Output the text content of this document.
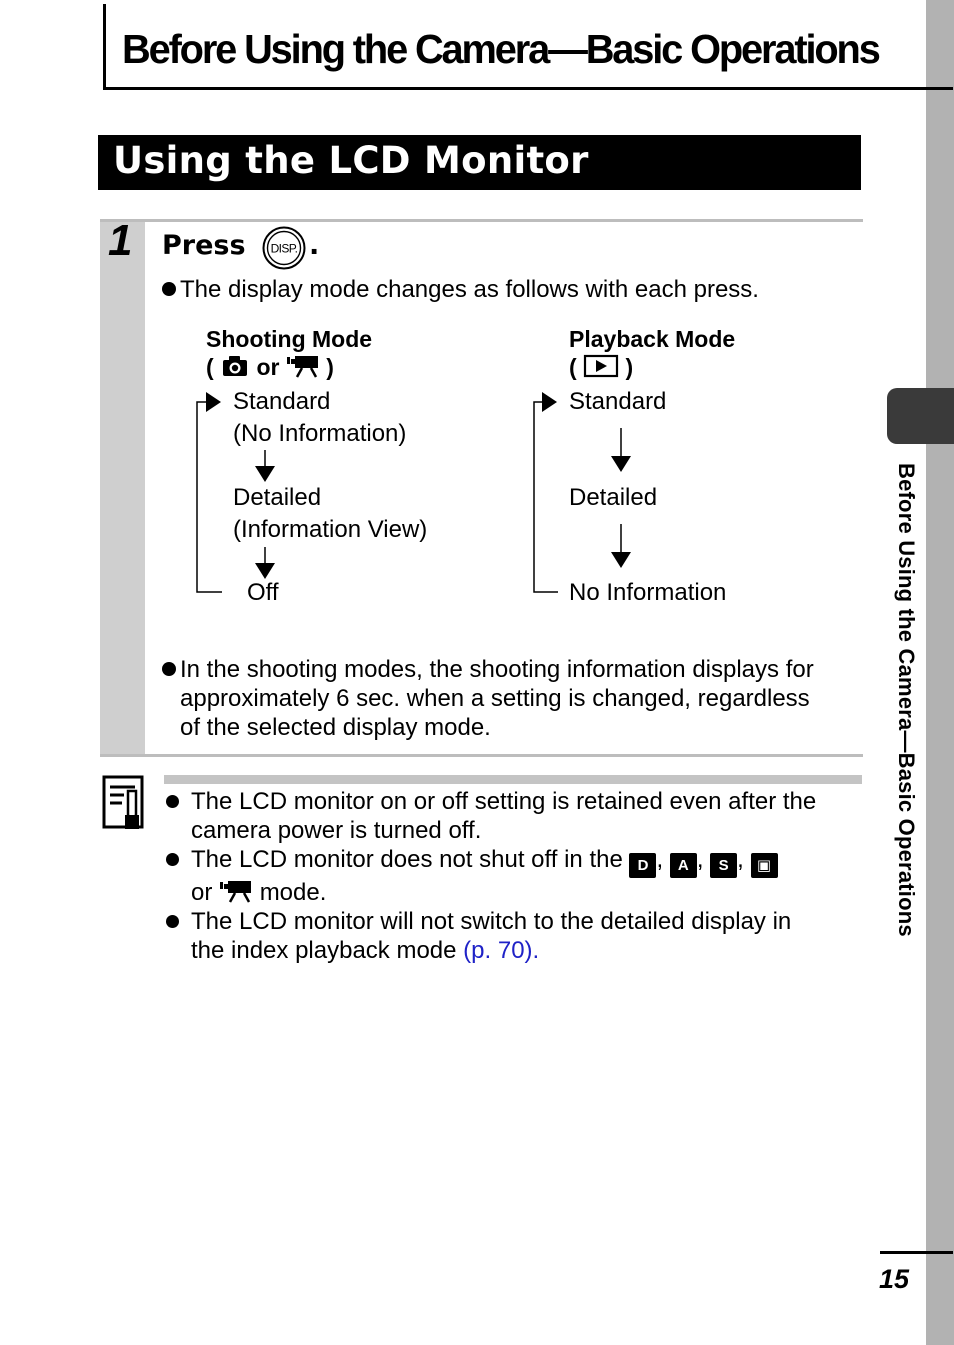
Before Using the Camera—Basic Operations
Before Using the Camera—Basic Operations
Using the LCD Monitor
1 Press DISP. .
The display mode changes as follows with each press.
Shooting Mode
( or )
Playback Mode
( )
Standard
(No Information)
Detailed
(Information View)
Off
Standard
Detailed
No Information
In the shooting modes, the shooting information displays for
approximately 6 sec. when a setting is changed, regardless
of the selected display mode.
The LCD monitor on or off setting is retained even after the
camera power is turned off.
The LCD monitor does not shut off in the D , A , S , ▣
or mode.
The LCD monitor will not switch to the detailed display in
the index playback mode (p. 70).
15
